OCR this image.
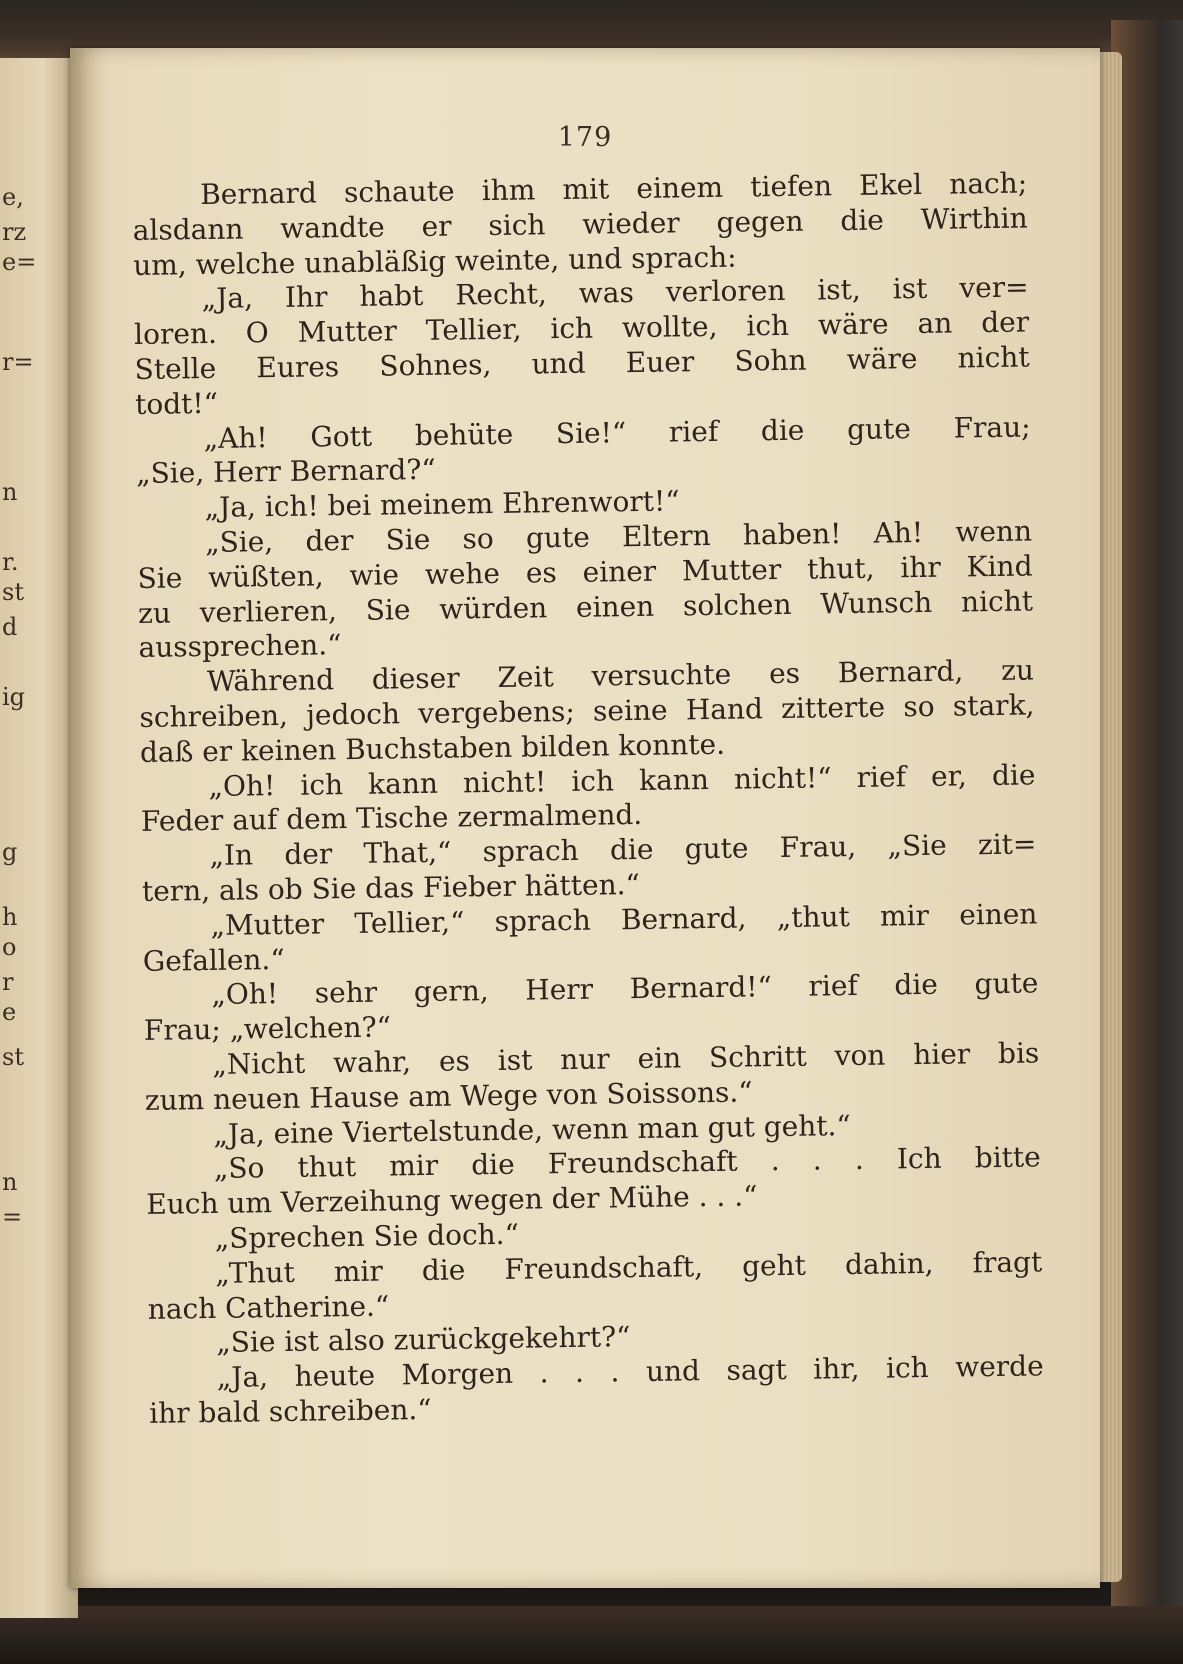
e,
rz
e=
r=
n
r.
st
d
ig
g
h
o
r
e
st
n
=
179
Bernard schaute ihm mit einem tiefen Ekel nach;
alsdann wandte er sich wieder gegen die Wirthin
um, welche unabläßig weinte, und sprach:
„Ja, Ihr habt Recht, was verloren ist, ist ver=
loren. O Mutter Tellier, ich wollte, ich wäre an der
Stelle Eures Sohnes, und Euer Sohn wäre nicht
todt!“
„Ah! Gott behüte Sie!“ rief die gute Frau;
„Sie, Herr Bernard?“
„Ja, ich! bei meinem Ehrenwort!“
„Sie, der Sie so gute Eltern haben! Ah! wenn
Sie wüßten, wie wehe es einer Mutter thut, ihr Kind
zu verlieren, Sie würden einen solchen Wunsch nicht
aussprechen.“
Während dieser Zeit versuchte es Bernard, zu
schreiben, jedoch vergebens; seine Hand zitterte so stark,
daß er keinen Buchstaben bilden konnte.
„Oh! ich kann nicht! ich kann nicht!“ rief er, die
Feder auf dem Tische zermalmend.
„In der That,“ sprach die gute Frau, „Sie zit=
tern, als ob Sie das Fieber hätten.“
„Mutter Tellier,“ sprach Bernard, „thut mir einen
Gefallen.“
„Oh! sehr gern, Herr Bernard!“ rief die gute
Frau; „welchen?“
„Nicht wahr, es ist nur ein Schritt von hier bis
zum neuen Hause am Wege von Soissons.“
„Ja, eine Viertelstunde, wenn man gut geht.“
„So thut mir die Freundschaft . . . Ich bitte
Euch um Verzeihung wegen der Mühe . . .“
„Sprechen Sie doch.“
„Thut mir die Freundschaft, geht dahin, fragt
nach Catherine.“
„Sie ist also zurückgekehrt?“
„Ja, heute Morgen . . . und sagt ihr, ich werde
ihr bald schreiben.“
